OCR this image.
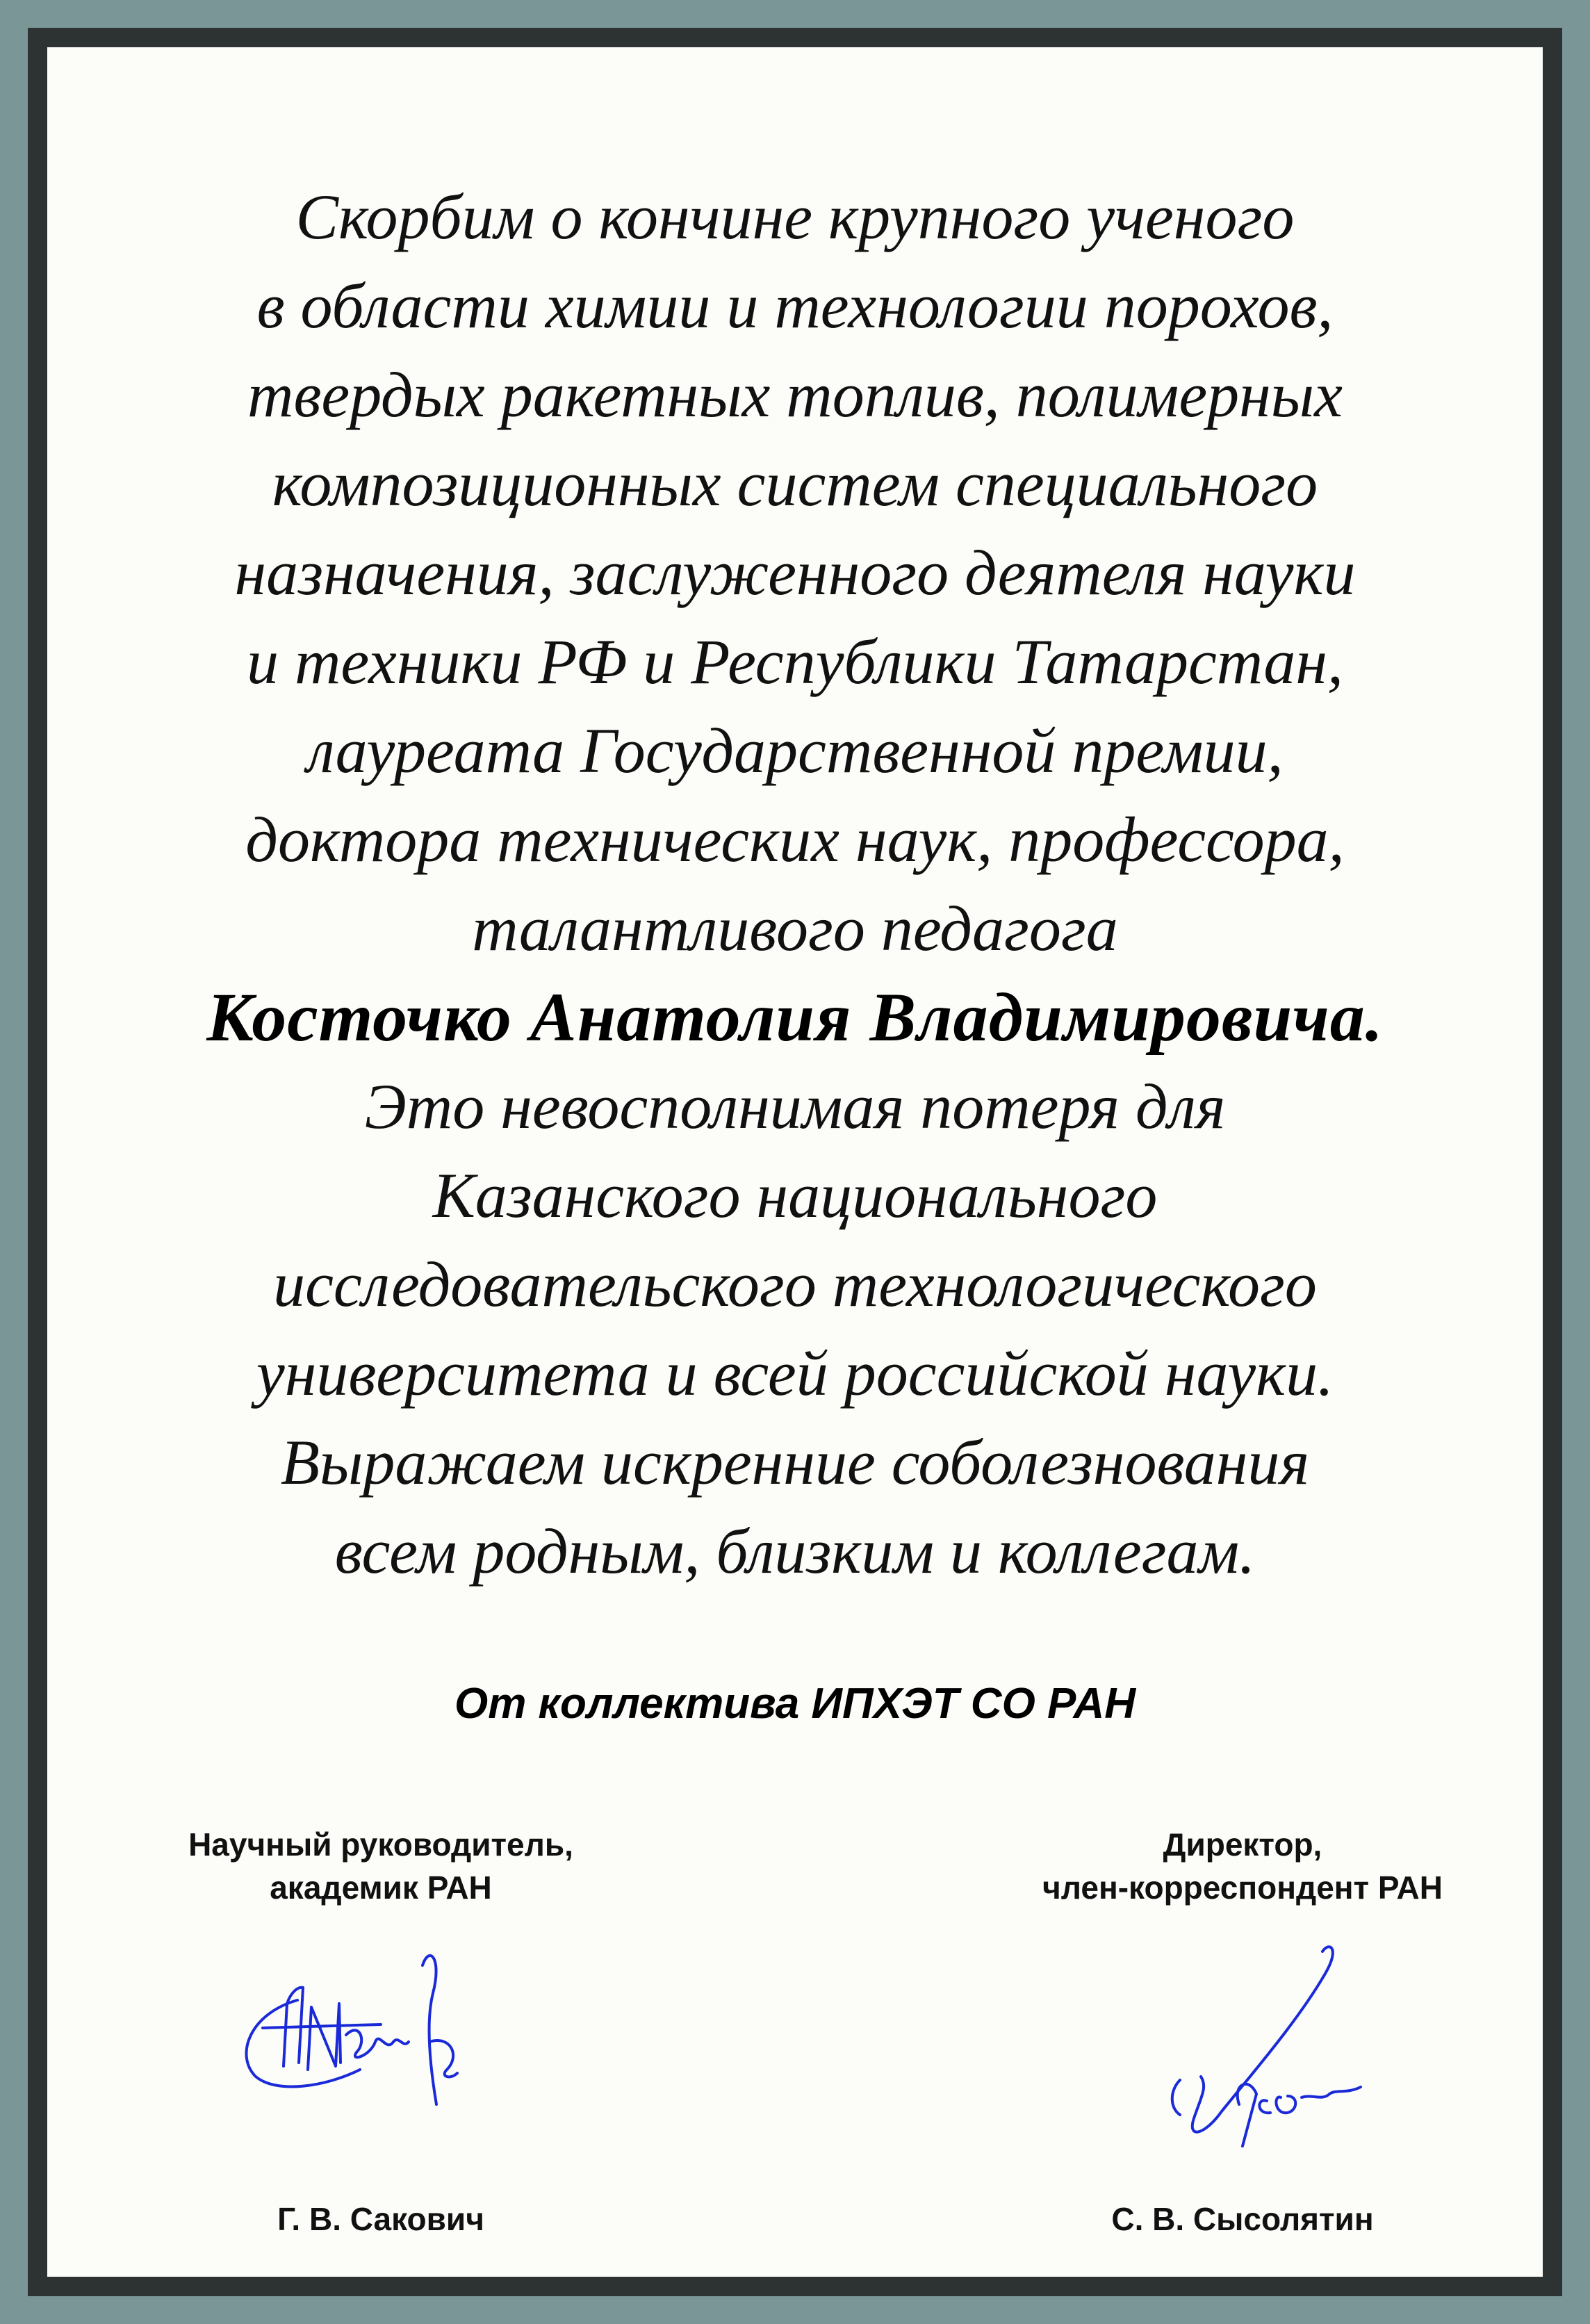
Скорбим о кончине крупного ученого
в области химии и технологии порохов,
твердых ракетных топлив, полимерных
композиционных систем специального
назначения, заслуженного деятеля науки
и техники РФ и Республики Татарстан,
лауреата Государственной премии,
доктора технических наук, профессора,
талантливого педагога
Косточко Анатолия Владимировича.
Это невосполнимая потеря для
Казанского национального
исследовательского технологического
университета и всей российской науки.
Выражаем искренние соболезнования
всем родным, близким и коллегам.
От коллектива ИПХЭТ СО РАН
Научный руководитель,
академик РАН
Директор,
член-корреспондент РАН
Г. В. Сакович	С. В. Сысолятин
